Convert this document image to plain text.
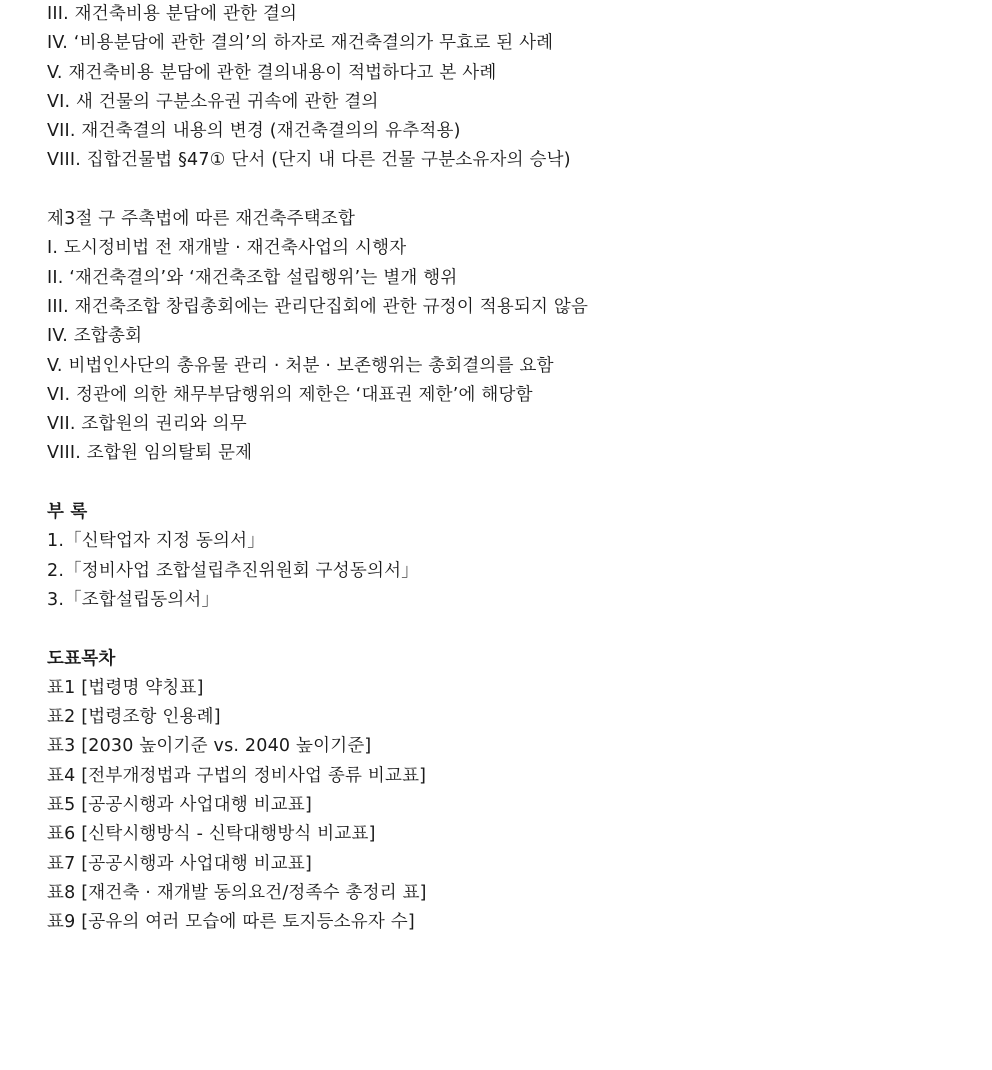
III. 재건축비용 분담에 관한 결의
IV. ‘비용분담에 관한 결의’의 하자로 재건축결의가 무효로 된 사례
V. 재건축비용 분담에 관한 결의내용이 적법하다고 본 사례
VI. 새 건물의 구분소유권 귀속에 관한 결의
VII. 재건축결의 내용의 변경 (재건축결의의 유추적용)
VIII. 집합건물법 §47① 단서 (단지 내 다른 건물 구분소유자의 승낙)
제3절 구 주촉법에 따른 재건축주택조합
I. 도시정비법 전 재개발 · 재건축사업의 시행자
II. ‘재건축결의’와 ‘재건축조합 설립행위’는 별개 행위
III. 재건축조합 창립총회에는 관리단집회에 관한 규정이 적용되지 않음
IV. 조합총회
V. 비법인사단의 총유물 관리 · 처분 · 보존행위는 총회결의를 요함
VI. 정관에 의한 채무부담행위의 제한은 ‘대표권 제한’에 해당함
VII. 조합원의 권리와 의무
VIII. 조합원 임의탈퇴 문제
부 록
1.「신탁업자 지정 동의서」
2.「정비사업 조합설립추진위원회 구성동의서」
3.「조합설립동의서」
도표목차
표1 [법령명 약칭표]
표2 [법령조항 인용례]
표3 [2030 높이기준 vs. 2040 높이기준]
표4 [전부개정법과 구법의 정비사업 종류 비교표]
표5 [공공시행과 사업대행 비교표]
표6 [신탁시행방식 - 신탁대행방식 비교표]
표7 [공공시행과 사업대행 비교표]
표8 [재건축 · 재개발 동의요건/정족수 총정리 표]
표9 [공유의 여러 모습에 따른 토지등소유자 수]
